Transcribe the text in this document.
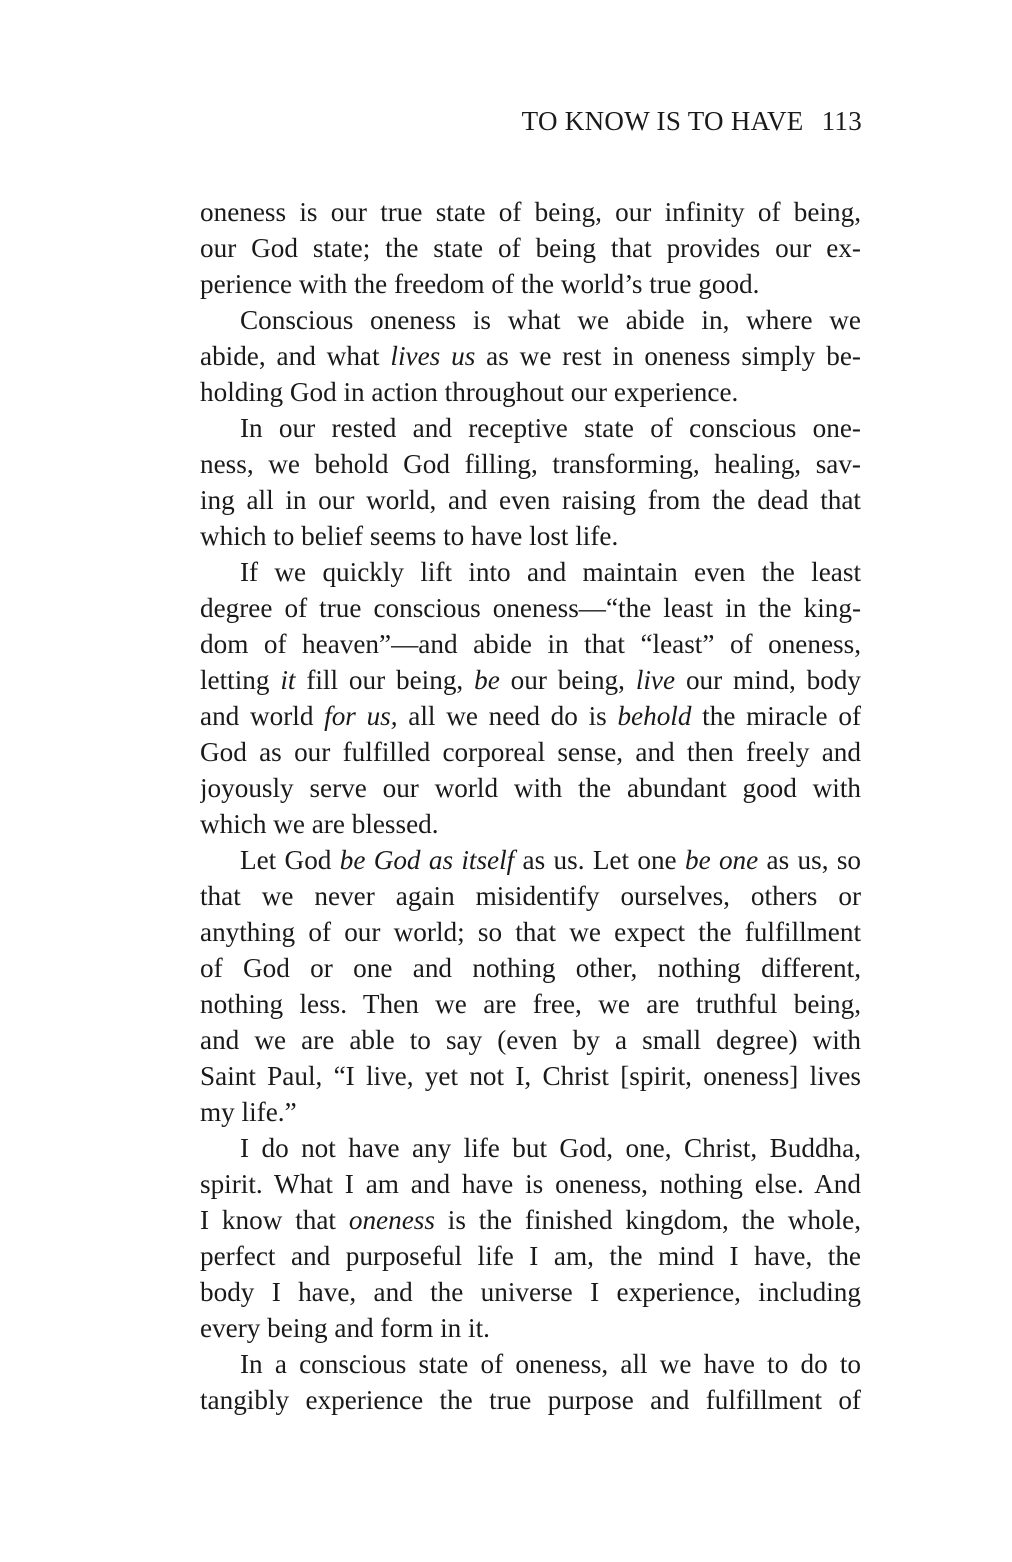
TO KNOW IS TO HAVE 113
oneness is our true state of being, our infinity of being,
our God state; the state of being that provides our ex-
perience with the freedom of the world’s true good.
Conscious oneness is what we abide in, where we
abide, and what lives us as we rest in oneness simply be-
holding God in action throughout our experience.
In our rested and receptive state of conscious one-
ness, we behold God filling, transforming, healing, sav-
ing all in our world, and even raising from the dead that
which to belief seems to have lost life.
If we quickly lift into and maintain even the least
degree of true conscious oneness—“the least in the king-
dom of heaven”—and abide in that “least” of oneness,
letting it fill our being, be our being, live our mind, body
and world for us, all we need do is behold the miracle of
God as our fulfilled corporeal sense, and then freely and
joyously serve our world with the abundant good with
which we are blessed.
Let God be God as itself as us. Let one be one as us, so
that we never again misidentify ourselves, others or
anything of our world; so that we expect the fulfillment
of God or one and nothing other, nothing different,
nothing less. Then we are free, we are truthful being,
and we are able to say (even by a small degree) with
Saint Paul, “I live, yet not I, Christ [spirit, oneness] lives
my life.”
I do not have any life but God, one, Christ, Buddha,
spirit. What I am and have is oneness, nothing else. And
I know that oneness is the finished kingdom, the whole,
perfect and purposeful life I am, the mind I have, the
body I have, and the universe I experience, including
every being and form in it.
In a conscious state of oneness, all we have to do to
tangibly experience the true purpose and fulfillment of
